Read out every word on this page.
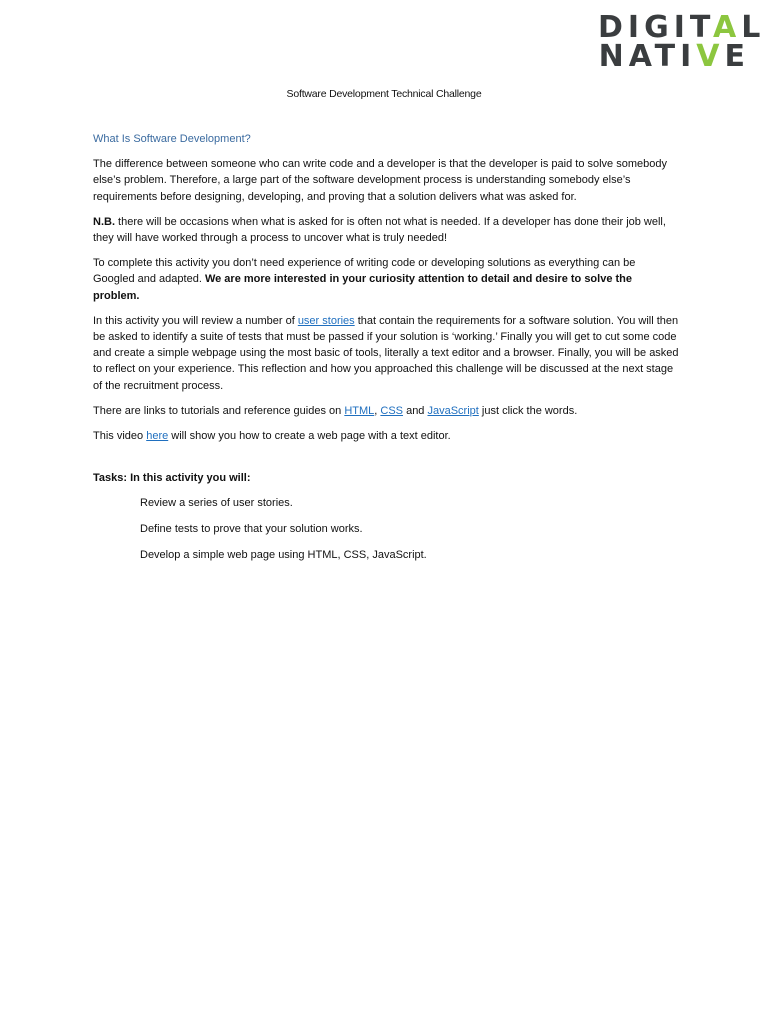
DIGITAL
NATIVE
Software Development Technical Challenge

What Is Software Development?

The difference between someone who can write code and a developer is that the developer is paid to solve somebody else’s problem. Therefore, a large part of the software development process is understanding somebody else’s requirements before designing, developing, and proving that a solution delivers what was asked for.

N.B. there will be occasions when what is asked for is often not what is needed. If a developer has done their job well, they will have worked through a process to uncover what is truly needed!

To complete this activity you don’t need experience of writing code or developing solutions as everything can be Googled and adapted. We are more interested in your curiosity attention to detail and desire to solve the problem.

In this activity you will review a number of user stories that contain the requirements for a software solution. You will then be asked to identify a suite of tests that must be passed if your solution is ‘working.’ Finally you will get to cut some code and create a simple webpage using the most basic of tools, literally a text editor and a browser. Finally, you will be asked to reflect on your experience. This reflection and how you approached this challenge will be discussed at the next stage of the recruitment process.

There are links to tutorials and reference guides on HTML, CSS and JavaScript just click the words.

This video here will show you how to create a web page with a text editor.

Tasks: In this activity you will:

Review a series of user stories.
Define tests to prove that your solution works.
Develop a simple web page using HTML, CSS, JavaScript.
